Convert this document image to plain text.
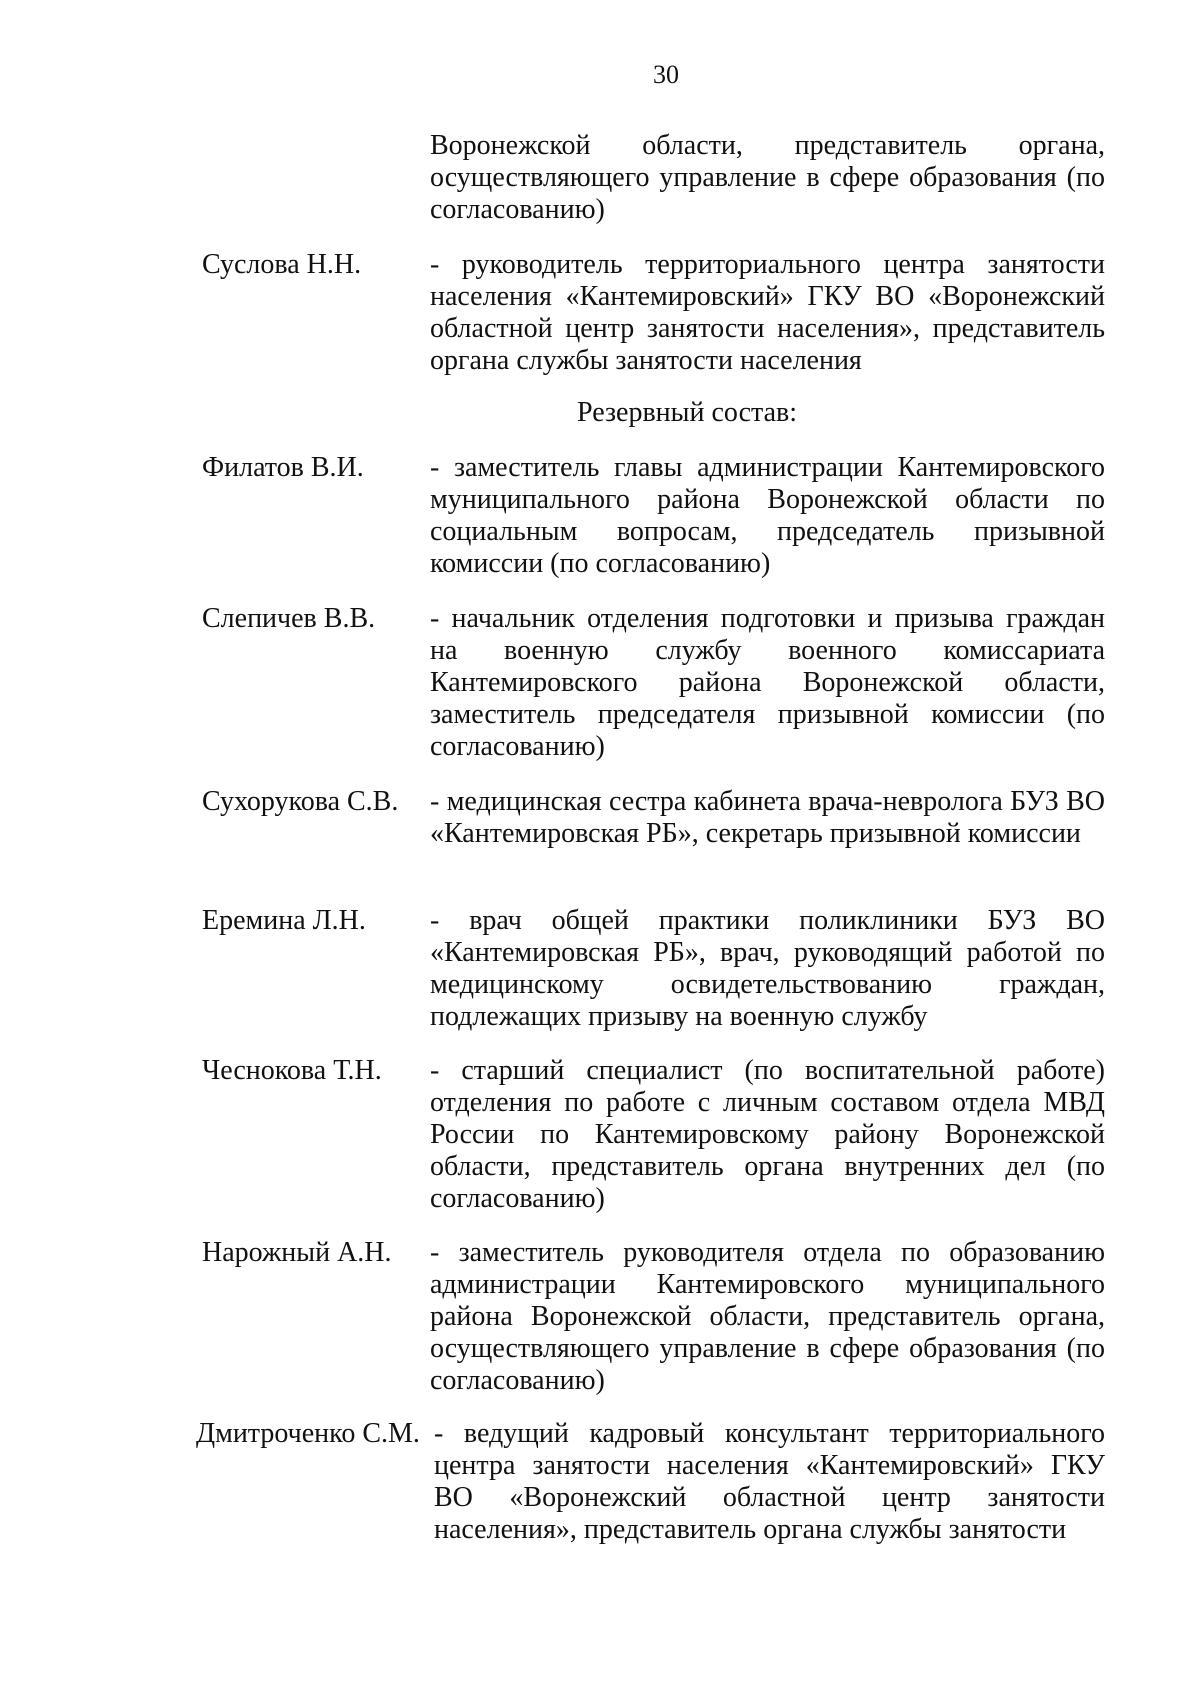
30
Воронежской области, представитель органа, осуществляющего управление в сфере образования (по согласованию)
Суслова Н.Н. - руководитель территориального центра занятости населения «Кантемировский» ГКУ ВО «Воронежский областной центр занятости населения», представитель органа службы занятости населения
Резервный состав:
Филатов В.И. - заместитель главы администрации Кантемировского муниципального района Воронежской области по социальным вопросам, председатель призывной комиссии (по согласованию)
Слепичев В.В. - начальник отделения подготовки и призыва граждан на военную службу военного комиссариата Кантемировского района Воронежской области, заместитель председателя призывной комиссии (по согласованию)
Сухорукова С.В. - медицинская сестра кабинета врача-невролога БУЗ ВО «Кантемировская РБ», секретарь призывной комиссии
Еремина Л.Н. - врач общей практики поликлиники БУЗ ВО «Кантемировская РБ», врач, руководящий работой по медицинскому освидетельствованию граждан, подлежащих призыву на военную службу
Чеснокова Т.Н. - старший специалист (по воспитательной работе) отделения по работе с личным составом отдела МВД России по Кантемировскому району Воронежской области, представитель органа внутренних дел (по согласованию)
Нарожный А.Н. - заместитель руководителя отдела по образованию администрации Кантемировского муниципального района Воронежской области, представитель органа, осуществляющего управление в сфере образования (по согласованию)
Дмитроченко С.М. - ведущий кадровый консультант территориального центра занятости населения «Кантемировский» ГКУ ВО «Воронежский областной центр занятости населения», представитель органа службы занятости
